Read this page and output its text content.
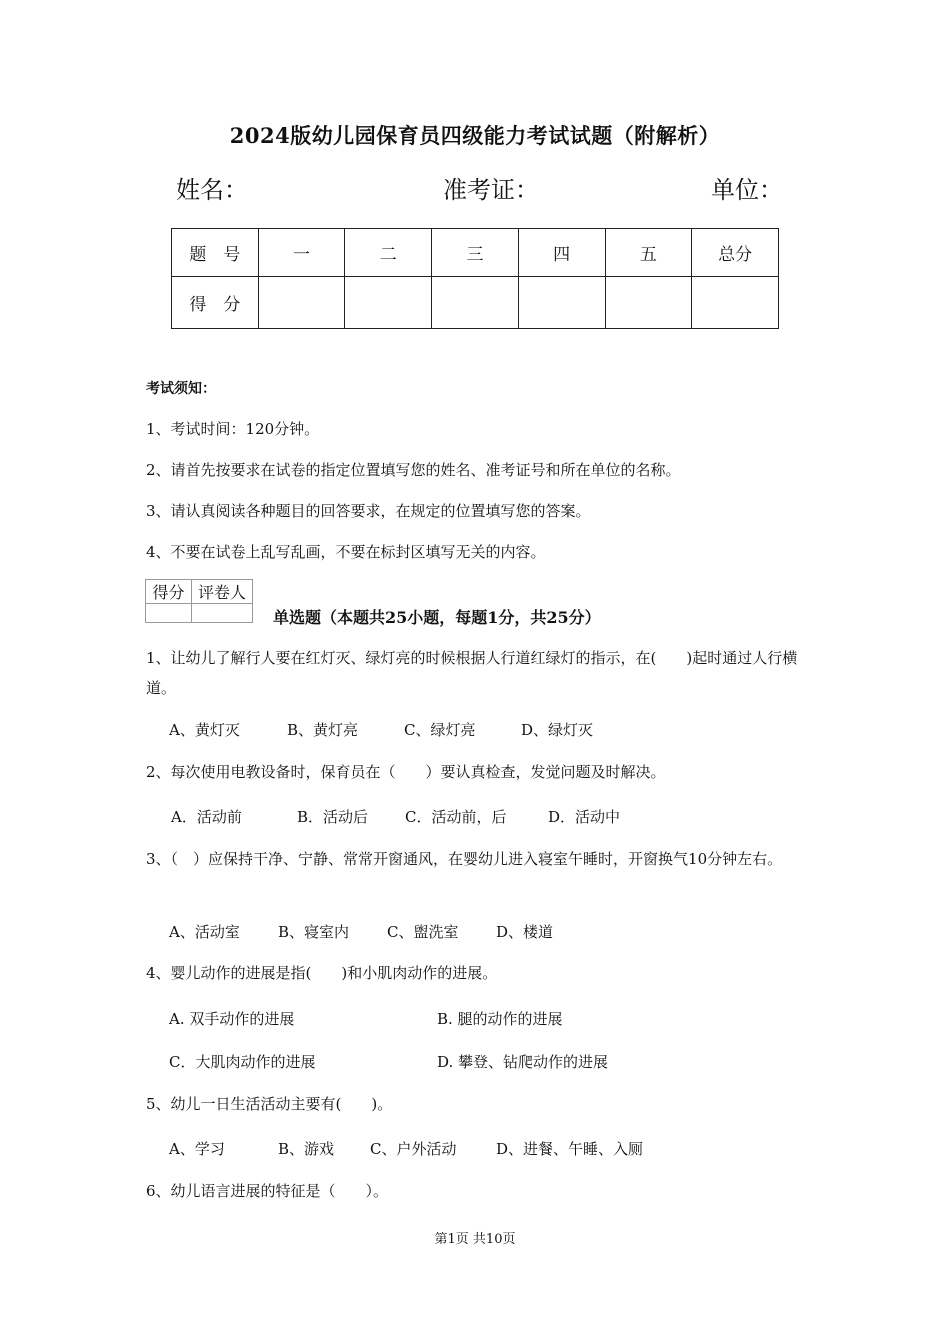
2024版幼儿园保育员四级能力考试试题（附解析）
姓名：	准考证：	单位：
题　号	一	二	三	四	五	总分
得　分						
考试须知：
1、考试时间：120分钟。
2、请首先按要求在试卷的指定位置填写您的姓名、准考证号和所在单位的名称。
3、请认真阅读各种题目的回答要求，在规定的位置填写您的答案。
4、不要在试卷上乱写乱画，不要在标封区填写无关的内容。
得分	评卷人

单选题（本题共25小题，每题1分，共25分）
1、让幼儿了解行人要在红灯灭、绿灯亮的时候根据人行道红绿灯的指示，在(　　)起时通过人行横道。
A、黄灯灭	B、黄灯亮	C、绿灯亮	D、绿灯灭
2、每次使用电教设备时，保育员在（　　）要认真检查，发觉问题及时解决。
A．活动前	B．活动后 C．活动前，后	D．活动中
3、（　）应保持干净、宁静、常常开窗通风，在婴幼儿进入寝室午睡时，开窗换气10分钟左右。
A、活动室	B、寝室内	C、盥洗室	D、楼道
4、婴儿动作的进展是指(　　)和小肌肉动作的进展。
A. 双手动作的进展	B. 腿的动作的进展
C．大肌肉动作的进展	D. 攀登、钻爬动作的进展
5、幼儿一日生活活动主要有(　　)。
A、学习	B、游戏 C、户外活动	D、进餐、午睡、入厕
6、幼儿语言进展的特征是（　　）。
第1页 共10页
